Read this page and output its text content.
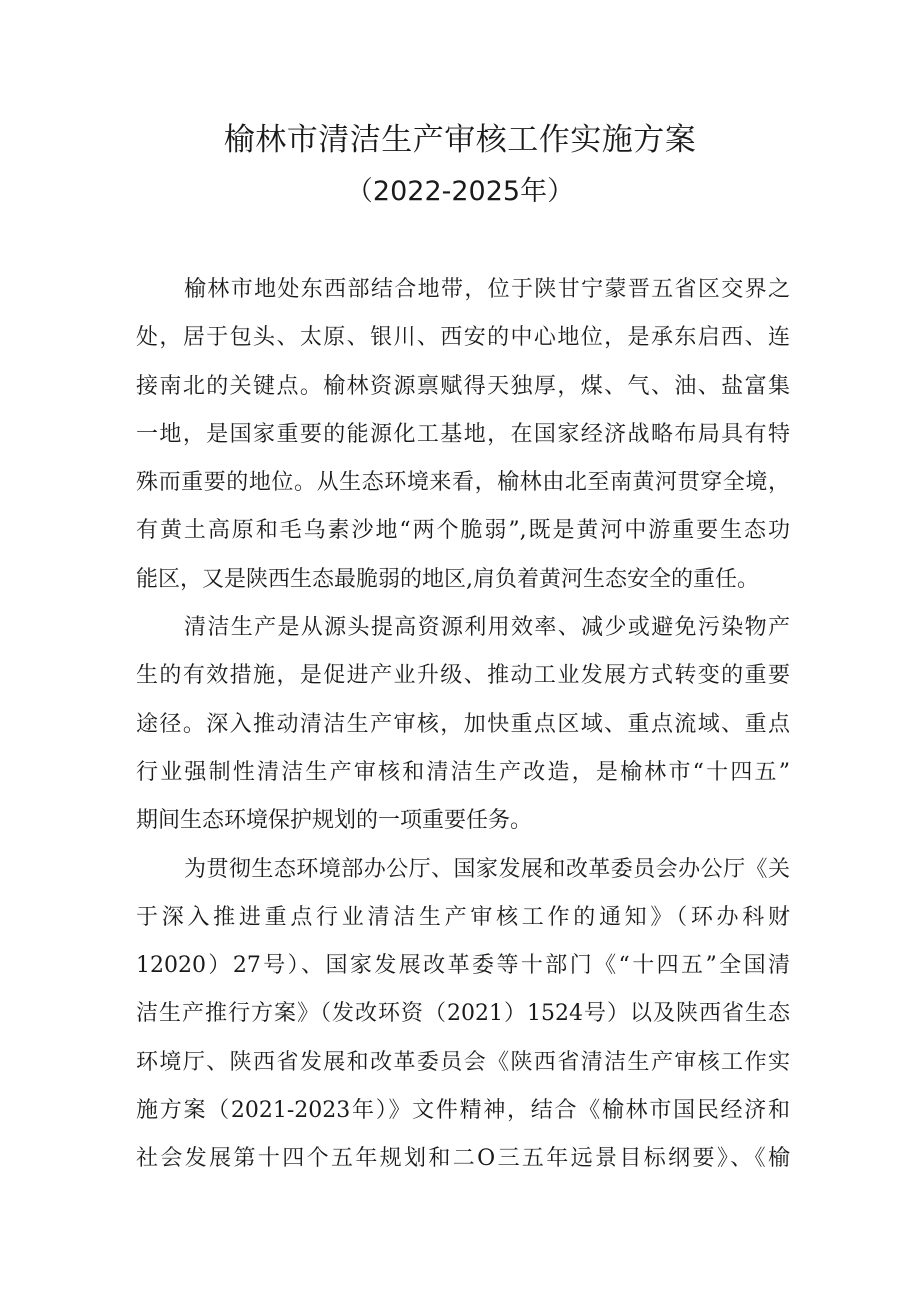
榆林市清洁生产审核工作实施方案
（2022-2025年）
榆林市地处东西部结合地带，位于陕甘宁蒙晋五省区交界之
处，居于包头、太原、银川、西安的中心地位，是承东启西、连
接南北的关键点。榆林资源禀赋得天独厚，煤、气、油、盐富集
一地，是国家重要的能源化工基地，在国家经济战略布局具有特
殊而重要的地位。从生态环境来看，榆林由北至南黄河贯穿全境，
有黄土高原和毛乌素沙地“两个脆弱”,既是黄河中游重要生态功
能区，又是陕西生态最脆弱的地区,肩负着黄河生态安全的重任。
清洁生产是从源头提高资源利用效率、减少或避免污染物产
生的有效措施，是促进产业升级、推动工业发展方式转变的重要
途径。深入推动清洁生产审核，加快重点区域、重点流域、重点
行业强制性清洁生产审核和清洁生产改造，是榆林市“十四五”
期间生态环境保护规划的一项重要任务。
为贯彻生态环境部办公厅、国家发展和改革委员会办公厅《关
于深入推进重点行业清洁生产审核工作的通知》（环办科财
12020）27号）、国家发展改革委等十部门《“十四五”全国清
洁生产推行方案》（发改环资（2021）1524号）以及陕西省生态
环境厅、陕西省发展和改革委员会《陕西省清洁生产审核工作实
施方案（2021-2023年）》文件精神，结合《榆林市国民经济和
社会发展第十四个五年规划和二O三五年远景目标纲要》、《榆
